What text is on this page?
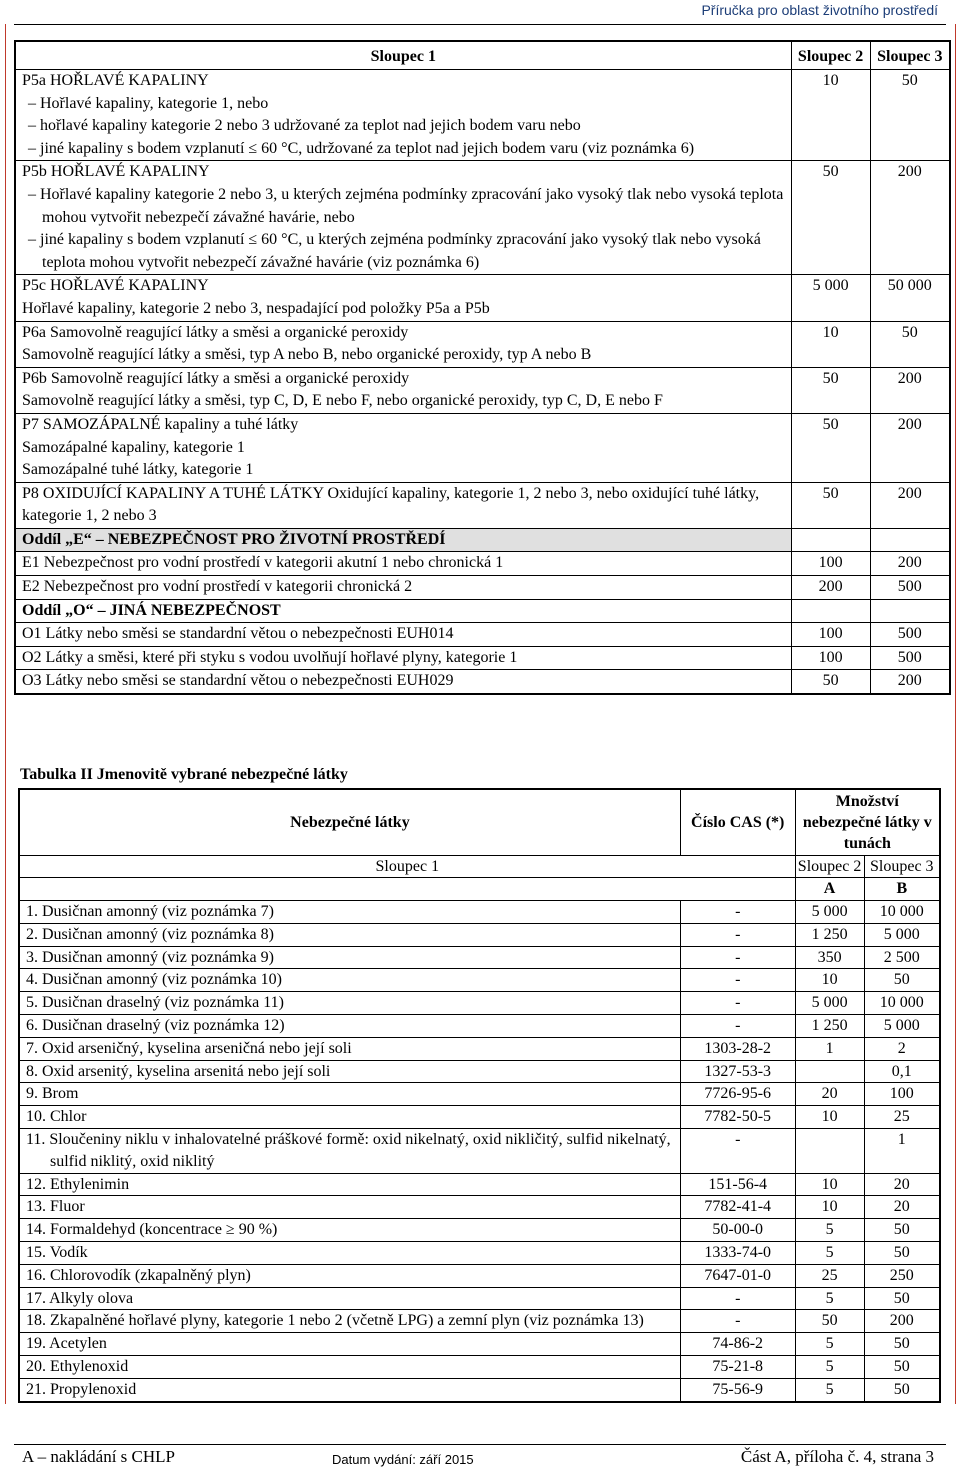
Příručka pro oblast životního prostředí
Sloupec 1	Sloupec 2	Sloupec 3

P5a HOŘLAVÉ KAPALINY
– Hořlavé kapaliny, kategorie 1, nebo
– hořlavé kapaliny kategorie 2 nebo 3 udržované za teplot nad jejich bodem varu nebo
– jiné kapaliny s bodem vzplanutí ≤ 60 °C, udržované za teplot nad jejich bodem varu (viz poznámka 6)	10	50

P5b HOŘLAVÉ KAPALINY
– Hořlavé kapaliny kategorie 2 nebo 3, u kterých zejména podmínky zpracování jako vysoký tlak nebo vysoká teplota mohou vytvořit nebezpečí závažné havárie, nebo
– jiné kapaliny s bodem vzplanutí ≤ 60 °C, u kterých zejména podmínky zpracování jako vysoký tlak nebo vysoká teplota mohou vytvořit nebezpečí závažné havárie (viz poznámka 6)	50	200

P5c HOŘLAVÉ KAPALINY
Hořlavé kapaliny, kategorie 2 nebo 3, nespadající pod položky P5a a P5b	5 000	50 000

P6a Samovolně reagující látky a směsi a organické peroxidy
Samovolně reagující látky a směsi, typ A nebo B, nebo organické peroxidy, typ A nebo B	10	50

P6b Samovolně reagující látky a směsi a organické peroxidy
Samovolně reagující látky a směsi, typ C, D, E nebo F, nebo organické peroxidy, typ C, D, E nebo F	50	200

P7 SAMOZÁPALNÉ kapaliny a tuhé látky
Samozápalné kapaliny, kategorie 1
Samozápalné tuhé látky, kategorie 1	50	200

P8 OXIDUJÍCÍ KAPALINY A TUHÉ LÁTKY Oxidující kapaliny, kategorie 1, 2 nebo 3, nebo oxidující tuhé látky, kategorie 1, 2 nebo 3	50	200
Oddíl „E“ – NEBEZPEČNOST PRO ŽIVOTNÍ PROSTŘEDÍ		
E1 Nebezpečnost pro vodní prostředí v kategorii akutní 1 nebo chronická 1	100	200
E2 Nebezpečnost pro vodní prostředí v kategorii chronická 2	200	500
Oddíl „O“ – JINÁ NEBEZPEČNOST		
O1 Látky nebo směsi se standardní větou o nebezpečnosti EUH014	100	500
O2 Látky a směsi, které při styku s vodou uvolňují hořlavé plyny, kategorie 1	100	500
O3 Látky nebo směsi se standardní větou o nebezpečnosti EUH029	50	200
Tabulka II Jmenovitě vybrané nebezpečné látky
Nebezpečné látky	Číslo CAS (*)	Množství nebezpečné látky v tunách	
Sloupec 1		Sloupec 2	Sloupec 3
		A	B

1. Dusičnan amonný (viz poznámka 7)	-	5 000	10 000

2. Dusičnan amonný (viz poznámka 8)	-	1 250	5 000

3. Dusičnan amonný (viz poznámka 9)	-	350	2 500

4. Dusičnan amonný (viz poznámka 10)	-	10	50

5. Dusičnan draselný (viz poznámka 11)	-	5 000	10 000

6. Dusičnan draselný (viz poznámka 12)	-	1 250	5 000

7. Oxid arseničný, kyselina arseničná nebo její soli	1303-28-2	1	2

8. Oxid arsenitý, kyselina arsenitá nebo její soli	1327-53-3		0,1

9. Brom	7726-95-6	20	100

10. Chlor	7782-50-5	10	25

11. Sloučeniny niklu v inhalovatelné práškové formě: oxid nikelnatý, oxid nikličitý, sulfid nikelnatý, sulfid niklitý, oxid niklitý	-		1

12. Ethylenimin	151-56-4	10	20

13. Fluor	7782-41-4	10	20

14. Formaldehyd (koncentrace ≥ 90 %)	50-00-0	5	50

15. Vodík	1333-74-0	5	50

16. Chlorovodík (zkapalněný plyn)	7647-01-0	25	250

17. Alkyly olova	-	5	50

18. Zkapalněné hořlavé plyny, kategorie 1 nebo 2 (včetně LPG) a zemní plyn (viz poznámka 13)	-	50	200

19. Acetylen	74-86-2	5	50

20. Ethylenoxid	75-21-8	5	50

21. Propylenoxid	75-56-9	5	50
A – nakládání s CHLP	Datum vydání: září 2015	Část A, příloha č. 4, strana 3
